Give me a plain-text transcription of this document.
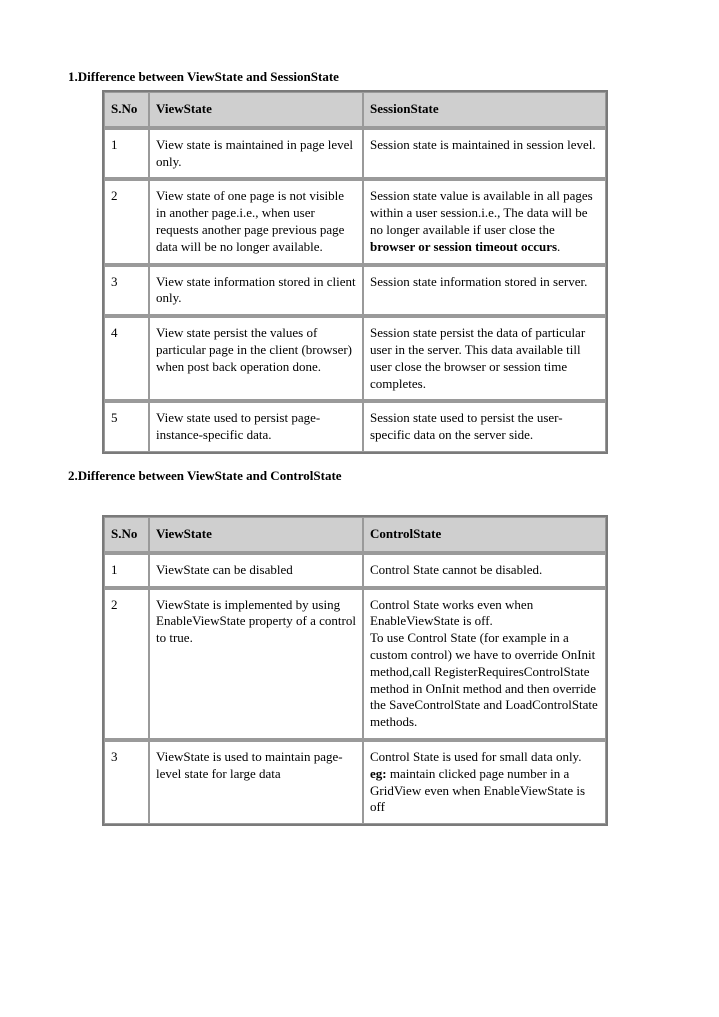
1.Difference between ViewState and SessionState
S.No	ViewState	SessionState
1	View state is maintained in page level only.	Session state is maintained in session level.
2	View state of one page is not visible in another page.i.e., when user requests another page previous page data will be no longer available.	Session state value is available in all pages within a user session.i.e., The data will be no longer available if user close the browser or session timeout occurs.
3	View state information stored in client only.	Session state information stored in server.
4	View state persist the values of particular page in the client (browser) when post back operation done.	Session state persist the data of particular user in the server. This data available till user close the browser or session time completes.
5	View state used to persist page-instance-specific data.	Session state used to persist the user-specific data on the server side.
2.Difference between ViewState and ControlState
S.No	ViewState	ControlState
1	ViewState can be disabled	Control State cannot be disabled.
2	ViewState is implemented by using EnableViewState property of a control to true.	Control State works even when EnableViewState is off.
To use Control State (for example in a custom control) we have to override OnInit method,call RegisterRequiresControlState method in OnInit method and then override the SaveControlState and LoadControlState methods.

3	ViewState is used to maintain page-level state for large data	Control State is used for small data only.
eg: maintain clicked page number in a GridView even when EnableViewState is off
